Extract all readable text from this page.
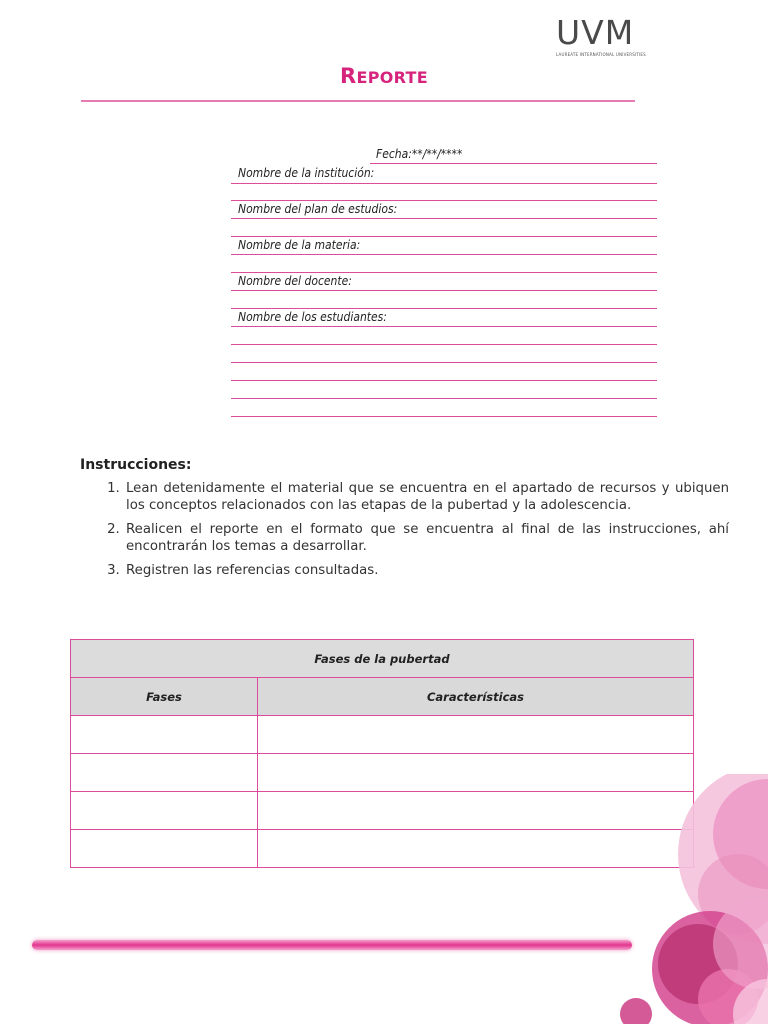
UVM
LAUREATE INTERNATIONAL UNIVERSITIES
REPORTE
Fecha:**/**/****
Nombre de la institución:
Nombre del plan de estudios:
Nombre de la materia:
Nombre del docente:
Nombre de los estudiantes:
Instrucciones:
1. Lean detenidamente el material que se encuentra en el apartado de recursos y ubiquen los conceptos relacionados con las etapas de la pubertad y la adolescencia.
2. Realicen el reporte en el formato que se encuentra al final de las instrucciones, ahí encontrarán los temas a desarrollar.
3. Registren las referencias consultadas.
Fases de la pubertad	
Fases	Características
